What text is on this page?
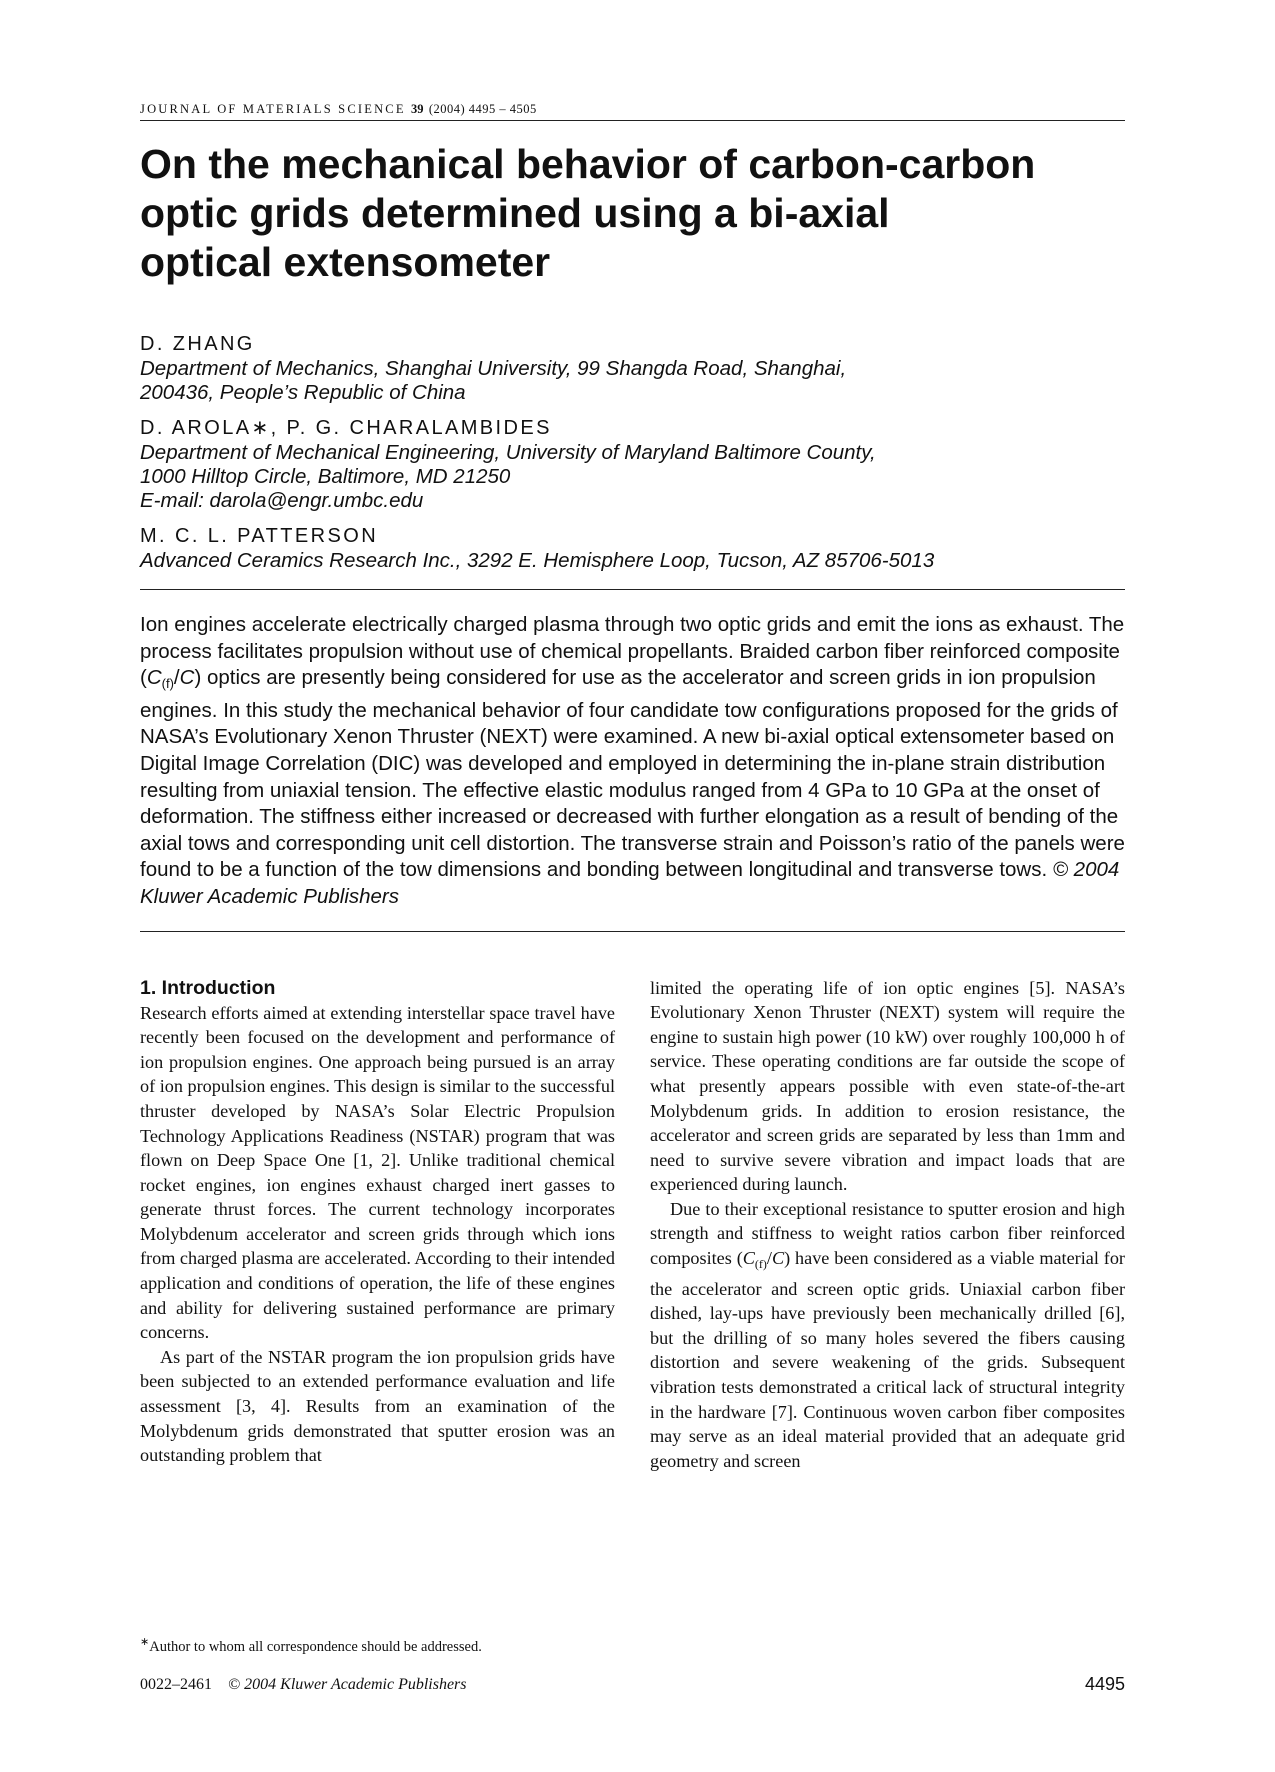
JOURNAL OF MATERIALS SCIENCE 39 (2004) 4495 – 4505
On the mechanical behavior of carbon-carbon
optic grids determined using a bi-axial
optical extensometer
D. ZHANG
Department of Mechanics, Shanghai University, 99 Shangda Road, Shanghai,
200436, People’s Republic of China
D. AROLA∗, P. G. CHARALAMBIDES
Department of Mechanical Engineering, University of Maryland Baltimore County,
1000 Hilltop Circle, Baltimore, MD 21250
E-mail: darola@engr.umbc.edu
M. C. L. PATTERSON
Advanced Ceramics Research Inc., 3292 E. Hemisphere Loop, Tucson, AZ 85706-5013
Ion engines accelerate electrically charged plasma through two optic grids and emit the ions as exhaust. The process facilitates propulsion without use of chemical propellants. Braided carbon fiber reinforced composite $(C_{(f)}/C)$ optics are presently being considered for use as the accelerator and screen grids in ion propulsion engines. In this study the mechanical behavior of four candidate tow configurations proposed for the grids of NASA’s Evolutionary Xenon Thruster (NEXT) were examined. A new bi-axial optical extensometer based on Digital Image Correlation (DIC) was developed and employed in determining the in-plane strain distribution resulting from uniaxial tension. The effective elastic modulus ranged from 4 GPa to 10 GPa at the onset of deformation. The stiffness either increased or decreased with further elongation as a result of bending of the axial tows and corresponding unit cell distortion. The transverse strain and Poisson’s ratio of the panels were found to be a function of the tow dimensions and bonding between longitudinal and transverse tows. © 2004 Kluwer Academic Publishers
1. Introduction

Research efforts aimed at extending interstellar space travel have recently been focused on the development and performance of ion propulsion engines. One approach being pursued is an array of ion propulsion engines. This design is similar to the successful thruster developed by NASA’s Solar Electric Propulsion Technology Applications Readiness (NSTAR) program that was flown on Deep Space One [1, 2]. Unlike traditional chemical rocket engines, ion engines exhaust charged inert gasses to generate thrust forces. The current technology incorporates Molybdenum accelerator and screen grids through which ions from charged plasma are accelerated. According to their intended application and conditions of operation, the life of these engines and ability for delivering sustained performance are primary concerns.

As part of the NSTAR program the ion propulsion grids have been subjected to an extended performance evaluation and life assessment [3, 4]. Results from an examination of the Molybdenum grids demonstrated that sputter erosion was an outstanding problem that

limited the operating life of ion optic engines [5]. NASA’s Evolutionary Xenon Thruster (NEXT) system will require the engine to sustain high power (10 kW) over roughly 100,000 h of service. These operating conditions are far outside the scope of what presently appears possible with even state-of-the-art Molybdenum grids. In addition to erosion resistance, the accelerator and screen grids are separated by less than 1mm and need to survive severe vibration and impact loads that are experienced during launch.

Due to their exceptional resistance to sputter erosion and high strength and stiffness to weight ratios carbon fiber reinforced composites $(C_{(f)}/C)$ have been considered as a viable material for the accelerator and screen optic grids. Uniaxial carbon fiber dished, lay-ups have previously been mechanically drilled [6], but the drilling of so many holes severed the fibers causing distortion and severe weakening of the grids. Subsequent vibration tests demonstrated a critical lack of structural integrity in the hardware [7]. Continuous woven carbon fiber composites may serve as an ideal material provided that an adequate grid geometry and screen

∗Author to whom all correspondence should be addressed.
0022–2461 © 2004 Kluwer Academic Publishers	4495
